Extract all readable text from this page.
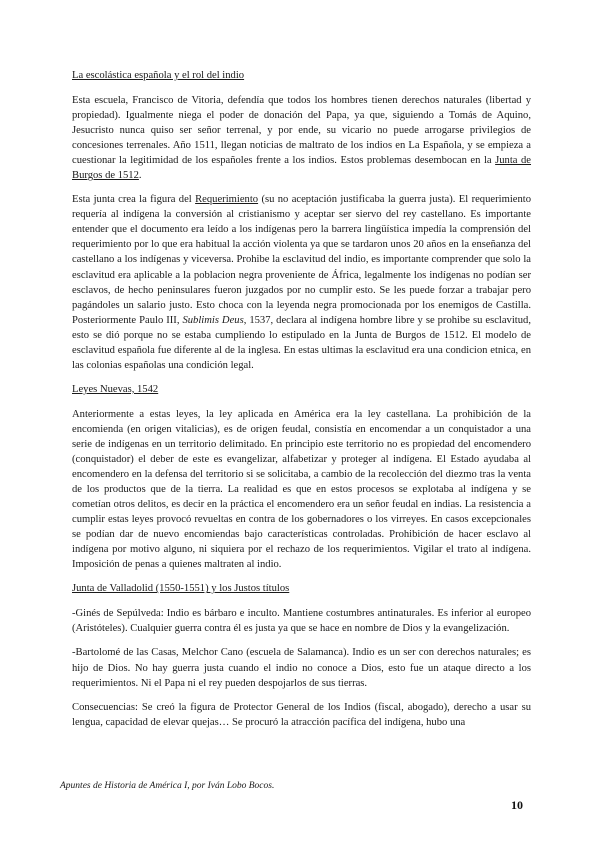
La escolástica española y el rol del indio

Esta escuela, Francisco de Vitoria, defendía que todos los hombres tienen derechos naturales (libertad y propiedad). Igualmente niega el poder de donación del Papa, ya que, siguiendo a Tomás de Aquino, Jesucristo nunca quiso ser señor terrenal, y por ende, su vicario no puede arrogarse privilegios de concesiones terrenales. Año 1511, llegan noticias de maltrato de los indios en La Española, y se empieza a cuestionar la legitimidad de los españoles frente a los indios. Estos problemas desembocan en la Junta de Burgos de 1512.

Esta junta crea la figura del Requerimiento (su no aceptación justificaba la guerra justa). El requerimiento requería al indígena la conversión al cristianismo y aceptar ser siervo del rey castellano. Es importante entender que el documento era leído a los indígenas pero la barrera lingüística impedía la comprensión del requerimiento por lo que era habitual la acción violenta ya que se tardaron unos 20 años en la enseñanza del castellano a los indígenas y viceversa. Prohibe la esclavitud del indio, es importante comprender que solo la esclavitud era aplicable a la poblacion negra proveniente de África, legalmente los indígenas no podían ser esclavos, de hecho peninsulares fueron juzgados por no cumplir esto. Se les puede forzar a trabajar pero pagándoles un salario justo. Esto choca con la leyenda negra promocionada por los enemigos de Castilla. Posteriormente Paulo III, Sublimis Deus, 1537, declara al indígena hombre libre y se prohibe su esclavitud, esto se dió porque no se estaba cumpliendo lo estipulado en la Junta de Burgos de 1512. El modelo de esclavitud española fue diferente al de la inglesa. En estas ultimas la esclavitud era una condicion etnica, en las colonias españolas una condición legal.

Leyes Nuevas, 1542

Anteriormente a estas leyes, la ley aplicada en América era la ley castellana. La prohibición de la encomienda (en origen vitalicias), es de origen feudal, consistía en encomendar a un conquistador a una serie de indígenas en un territorio delimitado. En principio este territorio no es propiedad del encomendero (conquistador) el deber de este es evangelizar, alfabetizar y proteger al indígena. El Estado ayudaba al encomendero en la defensa del territorio si se solicitaba, a cambio de la recolección del diezmo tras la venta de los productos que de la tierra. La realidad es que en estos procesos se explotaba al indígena y se cometían otros delitos, es decir en la práctica el encomendero era un señor feudal en indias. La resistencia a cumplir estas leyes provocó revueltas en contra de los gobernadores o los virreyes. En casos excepcionales se podían dar de nuevo encomiendas bajo características controladas. Prohibición de hacer esclavo al indígena por motivo alguno, ni siquiera por el rechazo de los requerimientos. Vigilar el trato al indígena. Imposición de penas a quienes maltraten al indio.

Junta de Valladolid (1550-1551) y los Justos títulos

-Ginés de Sepúlveda: Indio es bárbaro e inculto. Mantiene costumbres antinaturales. Es inferior al europeo (Aristóteles). Cualquier guerra contra él es justa ya que se hace en nombre de Dios y la evangelización.

-Bartolomé de las Casas, Melchor Cano (escuela de Salamanca). Indio es un ser con derechos naturales; es hijo de Dios. No hay guerra justa cuando el indio no conoce a Dios, esto fue un ataque directo a los requerimientos. Ni el Papa ni el rey pueden despojarlos de sus tierras.

Consecuencias: Se creó la figura de Protector General de los Indios (fiscal, abogado), derecho a usar su lengua, capacidad de elevar quejas… Se procuró la atracción pacífica del indígena, hubo una

Apuntes de Historia de América I, por Iván Lobo Bocos.
10
